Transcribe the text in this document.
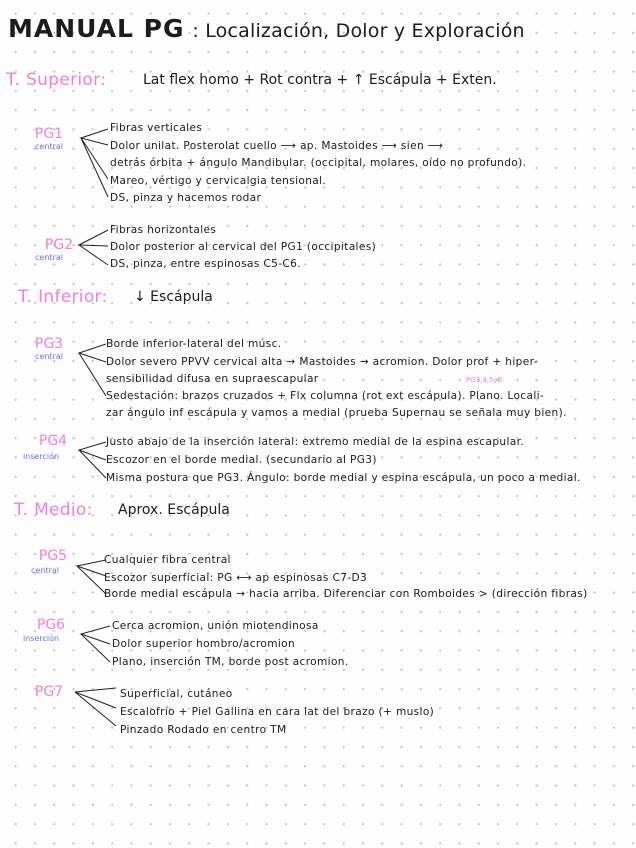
MANUAL PG : Localización, Dolor y Exploración
T. Superior:	Lat flex homo + Rot contra + ↑ Escápula + Exten.
PG1
central
Fibras verticales
Dolor unilat. Posterolat cuello ⟶ ap. Mastoides ⟶ sien ⟶
detrás órbita + ángulo Mandibular. (occipital, molares, oído no profundo).
Mareo, vértigo y cervicalgia tensional.
DS, pinza y hacemos rodar
PG2
central
Fibras horizontales
Dolor posterior al cervical del PG1 (occipitales)
DS, pinza, entre espinosas C5-C6.
T. Inferior: ↓ Escápula
PG3
central
Borde inferior-lateral del músc.
Dolor severo PPVV cervical alta → Mastoides → acromion. Dolor prof + hiper-
sensibilidad difusa en supraescapular	PG3,4,5y6
Sedestación: brazos cruzados + Flx columna (rot ext escápula). Plano. Locali-
zar ángulo inf escápula y vamos a medial (prueba Supernau se señala muy bien).
PG4
inserción
Justo abajo de la inserción lateral: extremo medial de la espina escapular.
Escozor en el borde medial. (secundario al PG3)
Misma postura que PG3. Ángulo: borde medial y espina escápula, un poco a medial.
T. Medio: Aprox. Escápula
PG5
central
Cualquier fibra central
Escozor superficial: PG ⟷ ap espinosas C7-D3
Borde medial escápula → hacia arriba. Diferenciar con Romboides > (dirección fibras)
PG6
inserción
Cerca acromion, unión miotendinosa
Dolor superior hombro/acromion
Plano, inserción TM, borde post acromion.
PG7	Superficial, cutáneo
Escalofrío + Piel Gallina en cara lat del brazo (+ muslo)
Pinzado Rodado en centro TM
